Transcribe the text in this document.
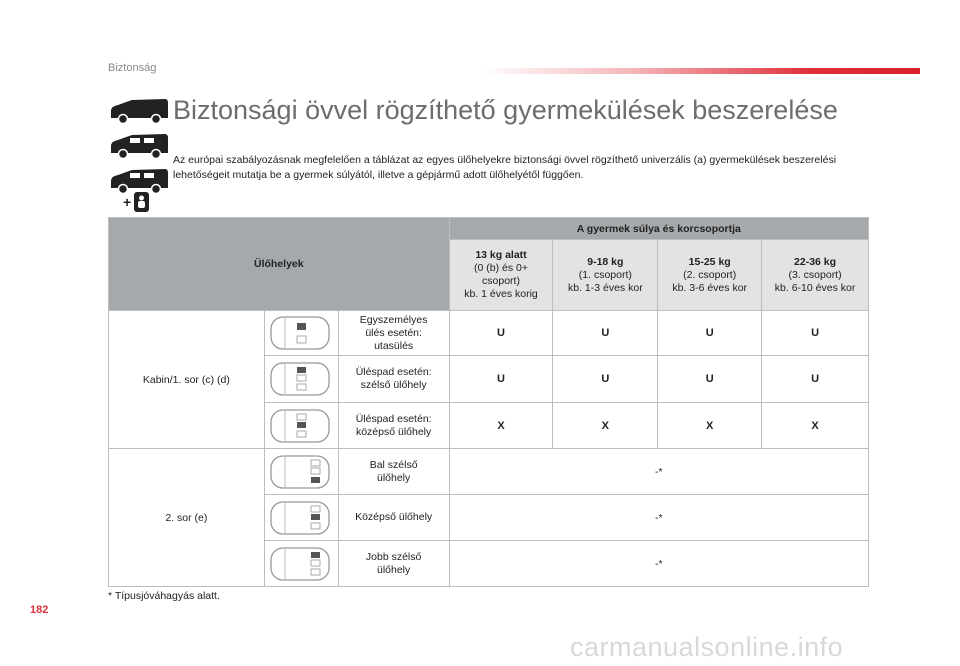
Biztonság
+
Biztonsági övvel rögzíthető gyermekülések beszerelése
Az európai szabályozásnak megfelelően a táblázat az egyes ülőhelyekre biztonsági övvel rögzíthető univerzális (a) gyermekülések beszerelési lehetőségeit mutatja be a gyermek súlyától, illetve a gépjármű adott ülőhelyétől függően.
Ülőhelyek			A gyermek súlya és korcsoportja			
			13 kg alatt
(0 (b) és 0+
csoport)
kb. 1 éves korig	9-18 kg
(1. csoport)
kb. 1-3 éves kor	15-25 kg
(2. csoport)
kb. 3-6 éves kor	22-36 kg
(3. csoport)
kb. 6-10 éves kor
Kabin/1. sor (c) (d)		Egyszemélyes
ülés esetén:
utasülés	U	U	U	U

	Üléspad esetén:
szélső ülőhely	U	U	U	U

	Üléspad esetén:
középső ülőhely	X	X	X	X
2. sor (e)		Bal szélső
ülőhely	-*			

	Középső ülőhely	-*			

	Jobb szélső
ülőhely	-*			
* Típusjóváhagyás alatt.
182
carmanualsonline.info
